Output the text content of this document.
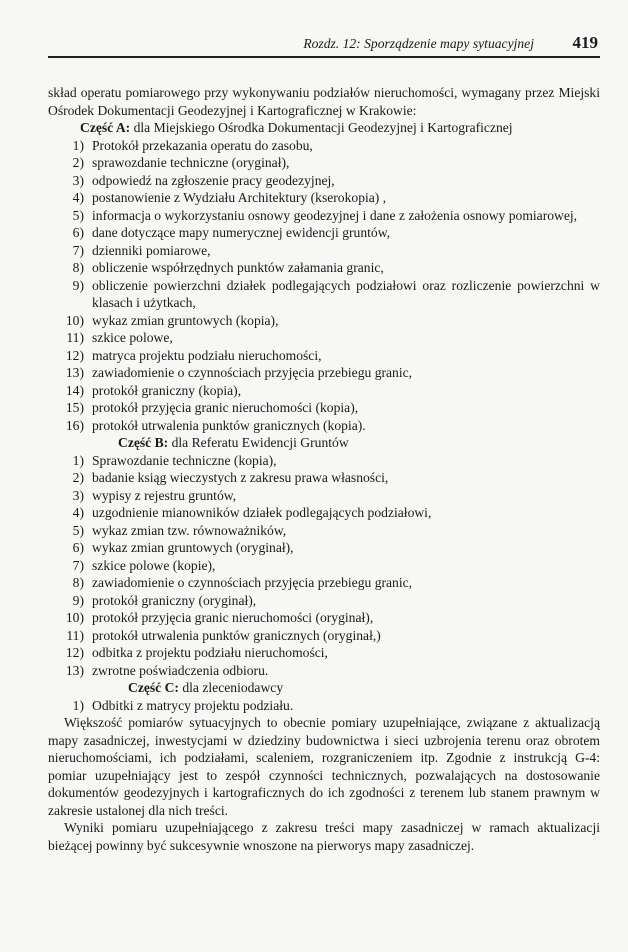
Rozdz. 12: Sporządzenie mapy sytuacyjnej 419

skład operatu pomiarowego przy wykonywaniu podziałów nieruchomości, wymagany przez Miejski Ośrodek Dokumentacji Geodezyjnej i Kartograficznej w Krakowie:

Część A: dla Miejskiego Ośrodka Dokumentacji Geodezyjnej i Kartograficznej

1) Protokół przekazania operatu do zasobu,
2) sprawozdanie techniczne (oryginał),
3) odpowiedź na zgłoszenie pracy geodezyjnej,
4) postanowienie z Wydziału Architektury (kserokopia) ,
5) informacja o wykorzystaniu osnowy geodezyjnej i dane z założenia osnowy pomiarowej,
6) dane dotyczące mapy numerycznej ewidencji gruntów,
7) dzienniki pomiarowe,
8) obliczenie współrzędnych punktów załamania granic,
9) obliczenie powierzchni działek podlegających podziałowi oraz rozliczenie powierzchni w klasach i użytkach,
10) wykaz zmian gruntowych (kopia),
11) szkice polowe,
12) matryca projektu podziału nieruchomości,
13) zawiadomienie o czynnościach przyjęcia przebiegu granic,
14) protokół graniczny (kopia),
15) protokół przyjęcia granic nieruchomości (kopia),
16) protokół utrwalenia punktów granicznych (kopia).

Część B: dla Referatu Ewidencji Gruntów

1) Sprawozdanie techniczne (kopia),
2) badanie ksiąg wieczystych z zakresu prawa własności,
3) wypisy z rejestru gruntów,
4) uzgodnienie mianowników działek podlegających podziałowi,
5) wykaz zmian tzw. równoważników,
6) wykaz zmian gruntowych (oryginał),
7) szkice polowe (kopie),
8) zawiadomienie o czynnościach przyjęcia przebiegu granic,
9) protokół graniczny (oryginał),
10) protokół przyjęcia granic nieruchomości (oryginał),
11) protokół utrwalenia punktów granicznych (oryginał,)
12) odbitka z projektu podziału nieruchomości,
13) zwrotne poświadczenia odbioru.

Część C: dla zleceniodawcy

1) Odbitki z matrycy projektu podziału.

Większość pomiarów sytuacyjnych to obecnie pomiary uzupełniające, związane z aktualizacją mapy zasadniczej, inwestycjami w dziedziny budownictwa i sieci uzbrojenia terenu oraz obrotem nieruchomościami, ich podziałami, scaleniem, rozgraniczeniem itp. Zgodnie z instrukcją G-4: pomiar uzupełniający jest to zespół czynności technicznych, pozwalających na dostosowanie dokumentów geodezyjnych i kartograficznych do ich zgodności z terenem lub stanem prawnym w zakresie ustalonej dla nich treści.

Wyniki pomiaru uzupełniającego z zakresu treści mapy zasadniczej w ramach aktualizacji bieżącej powinny być sukcesywnie wnoszone na pierworys mapy zasadniczej.
